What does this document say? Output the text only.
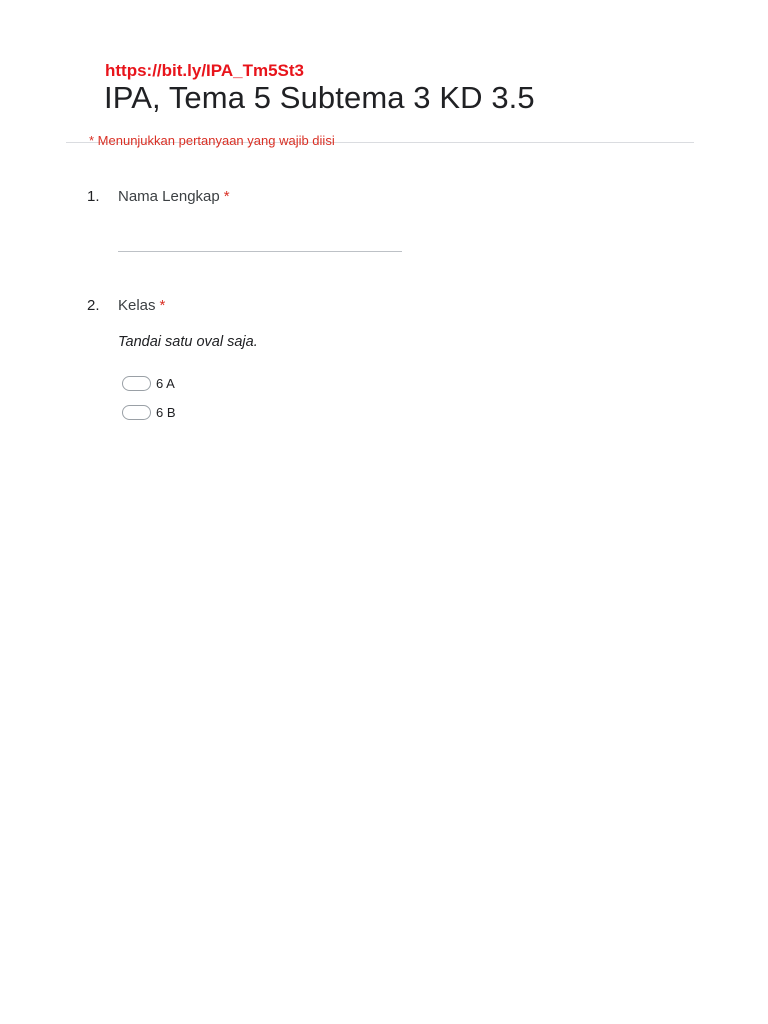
https://bit.ly/IPA_Tm5St3
IPA, Tema 5 Subtema 3 KD 3.5
* Menunjukkan pertanyaan yang wajib diisi
1. Nama Lengkap *
2. Kelas *
Tandai satu oval saja.
6 A
6 B
